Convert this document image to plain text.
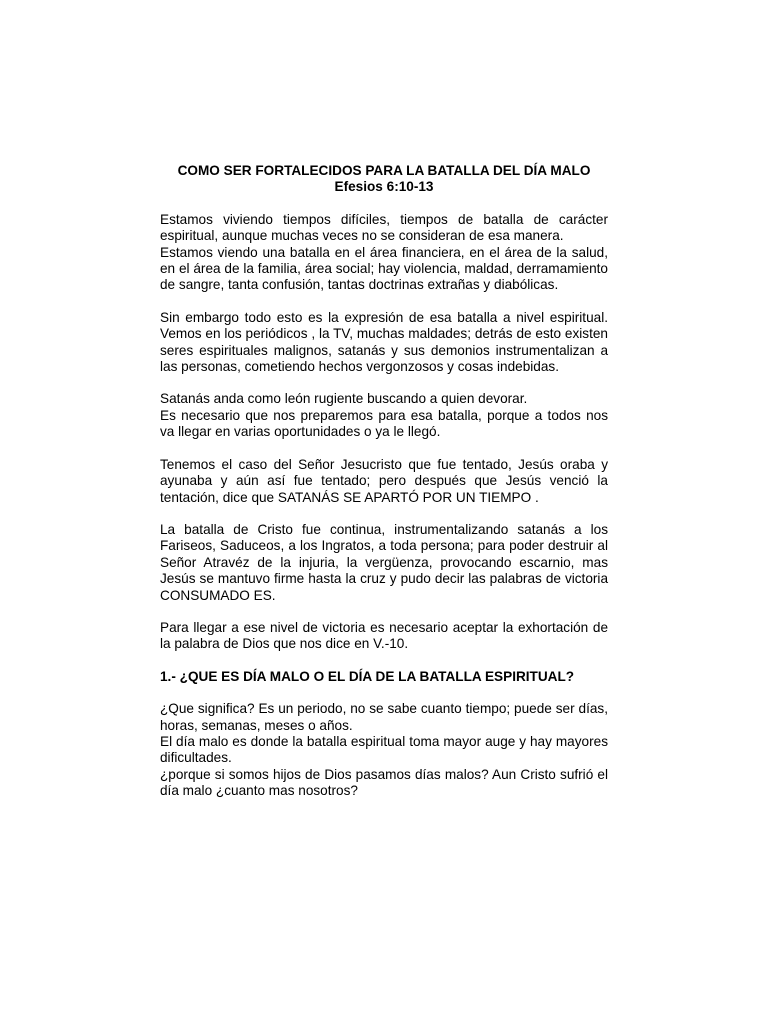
COMO SER FORTALECIDOS PARA LA BATALLA DEL DÍA MALO
Efesios 6:10-13

Estamos viviendo tiempos difíciles, tiempos de batalla de carácter espiritual, aunque muchas veces no se consideran de esa manera.

Estamos viendo una batalla en el área financiera, en el área de la salud, en el área de la familia, área social; hay violencia, maldad, derramamiento de sangre, tanta confusión, tantas doctrinas extrañas y diabólicas.

Sin embargo todo esto es la expresión de esa batalla a nivel espiritual. Vemos en los periódicos , la TV, muchas maldades; detrás de esto existen seres espirituales malignos, satanás y sus demonios instrumentalizan a las personas, cometiendo hechos vergonzosos y cosas indebidas.

Satanás anda como león rugiente buscando a quien devorar.

Es necesario que nos preparemos para esa batalla, porque a todos nos va llegar en varias oportunidades o ya le llegó.

Tenemos el caso del Señor Jesucristo que fue tentado, Jesús oraba y ayunaba y aún así fue tentado; pero después que Jesús venció la tentación, dice que SATANÁS SE APARTÓ POR UN TIEMPO .

La batalla de Cristo fue continua, instrumentalizando satanás a los Fariseos, Saduceos, a los Ingratos, a toda persona; para poder destruir al Señor Atravéz de la injuria, la vergüenza, provocando escarnio, mas Jesús se mantuvo firme hasta la cruz y pudo decir las palabras de victoria CONSUMADO ES.

Para llegar a ese nivel de victoria es necesario aceptar la exhortación de la palabra de Dios que nos dice en V.-10.

1.- ¿QUE ES DÍA MALO O EL DÍA DE LA BATALLA ESPIRITUAL?

¿Que significa? Es un periodo, no se sabe cuanto tiempo; puede ser días, horas, semanas, meses o años.

El día malo es donde la batalla espiritual toma mayor auge y hay mayores dificultades.

¿porque si somos hijos de Dios pasamos días malos? Aun Cristo sufrió el día malo ¿cuanto mas nosotros?
